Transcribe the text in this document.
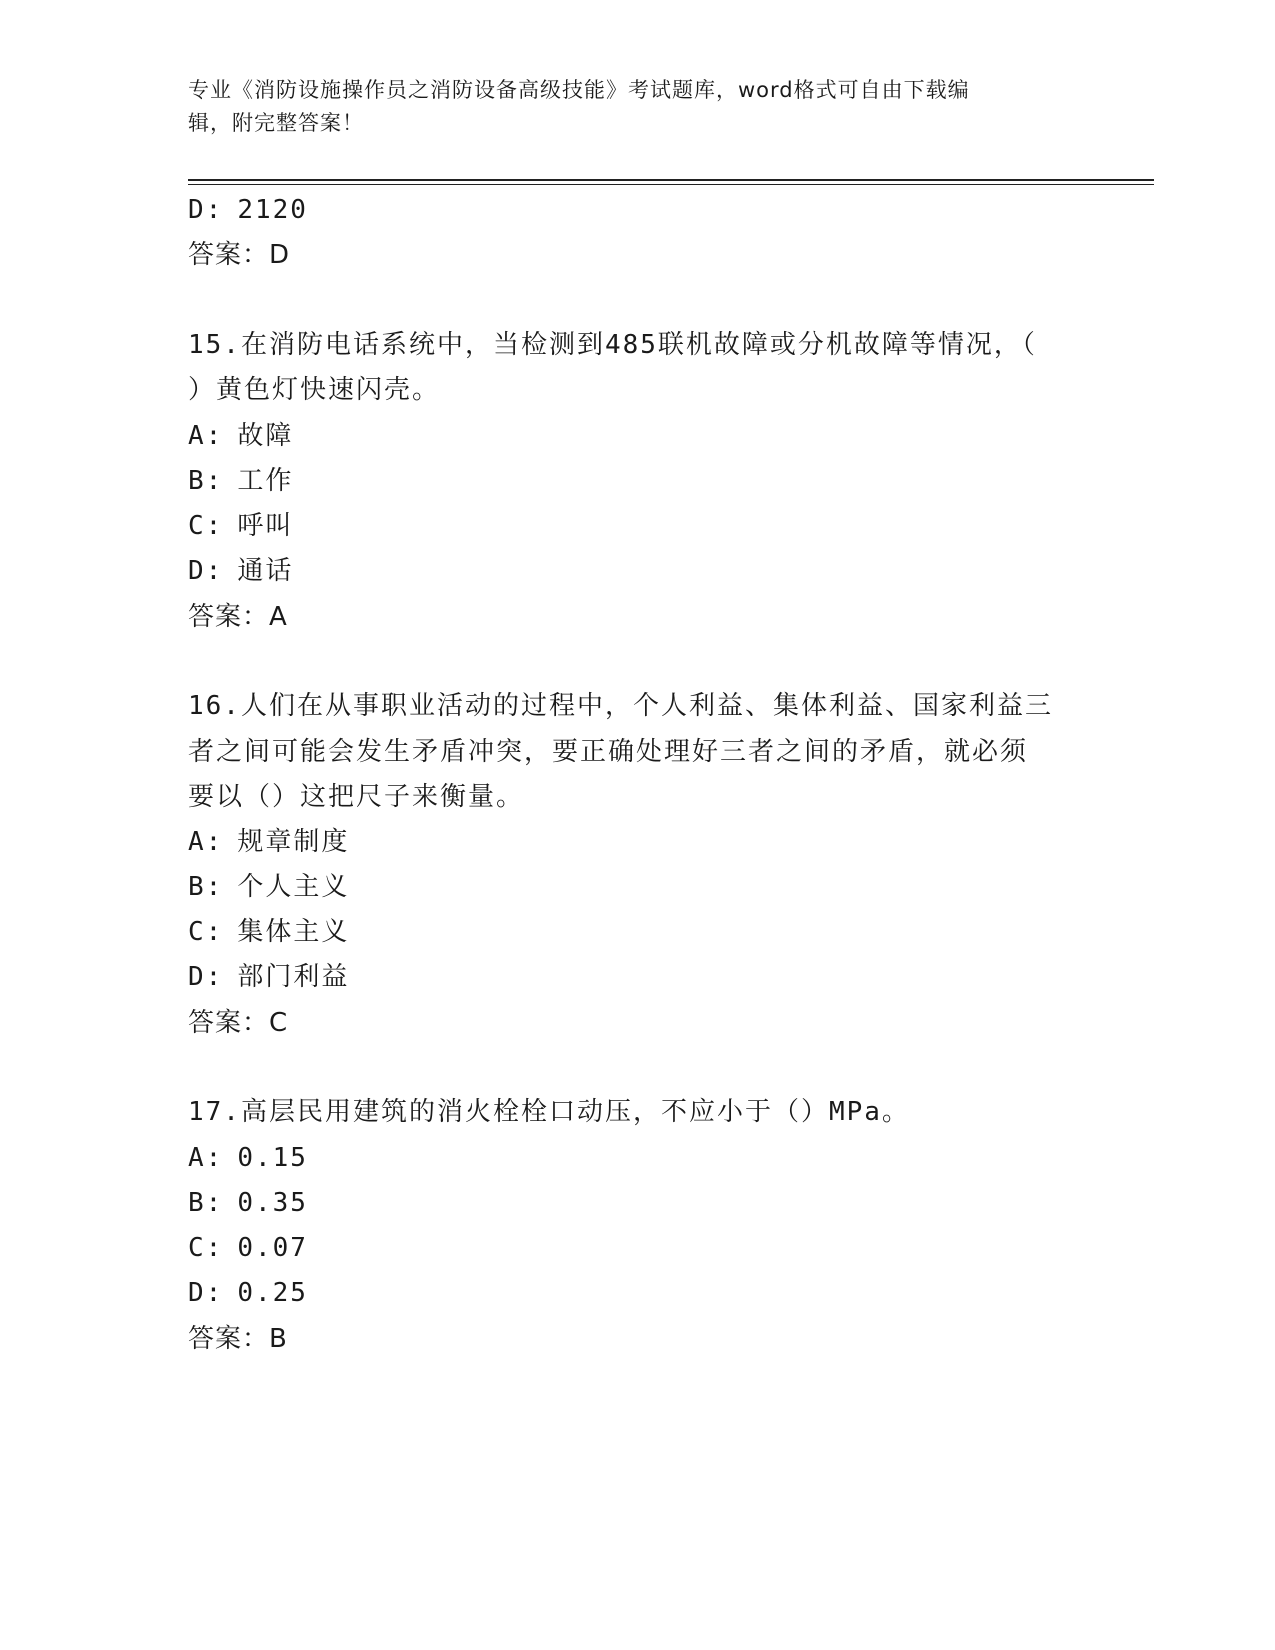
专业《消防设施操作员之消防设备高级技能》考试题库，word格式可自由下载编
辑，附完整答案！
D: 2120
答案：D
15.在消防电话系统中，当检测到485联机故障或分机故障等情况，（
）黄色灯快速闪壳。
A: 故障
B: 工作
C: 呼叫
D: 通话
答案：A
16.人们在从事职业活动的过程中，个人利益、集体利益、国家利益三
者之间可能会发生矛盾冲突，要正确处理好三者之间的矛盾，就必须
要以（）这把尺子来衡量。
A: 规章制度
B: 个人主义
C: 集体主义
D: 部门利益
答案：C
17.高层民用建筑的消火栓栓口动压，不应小于（）MPa。
A: 0.15
B: 0.35
C: 0.07
D: 0.25
答案：B
